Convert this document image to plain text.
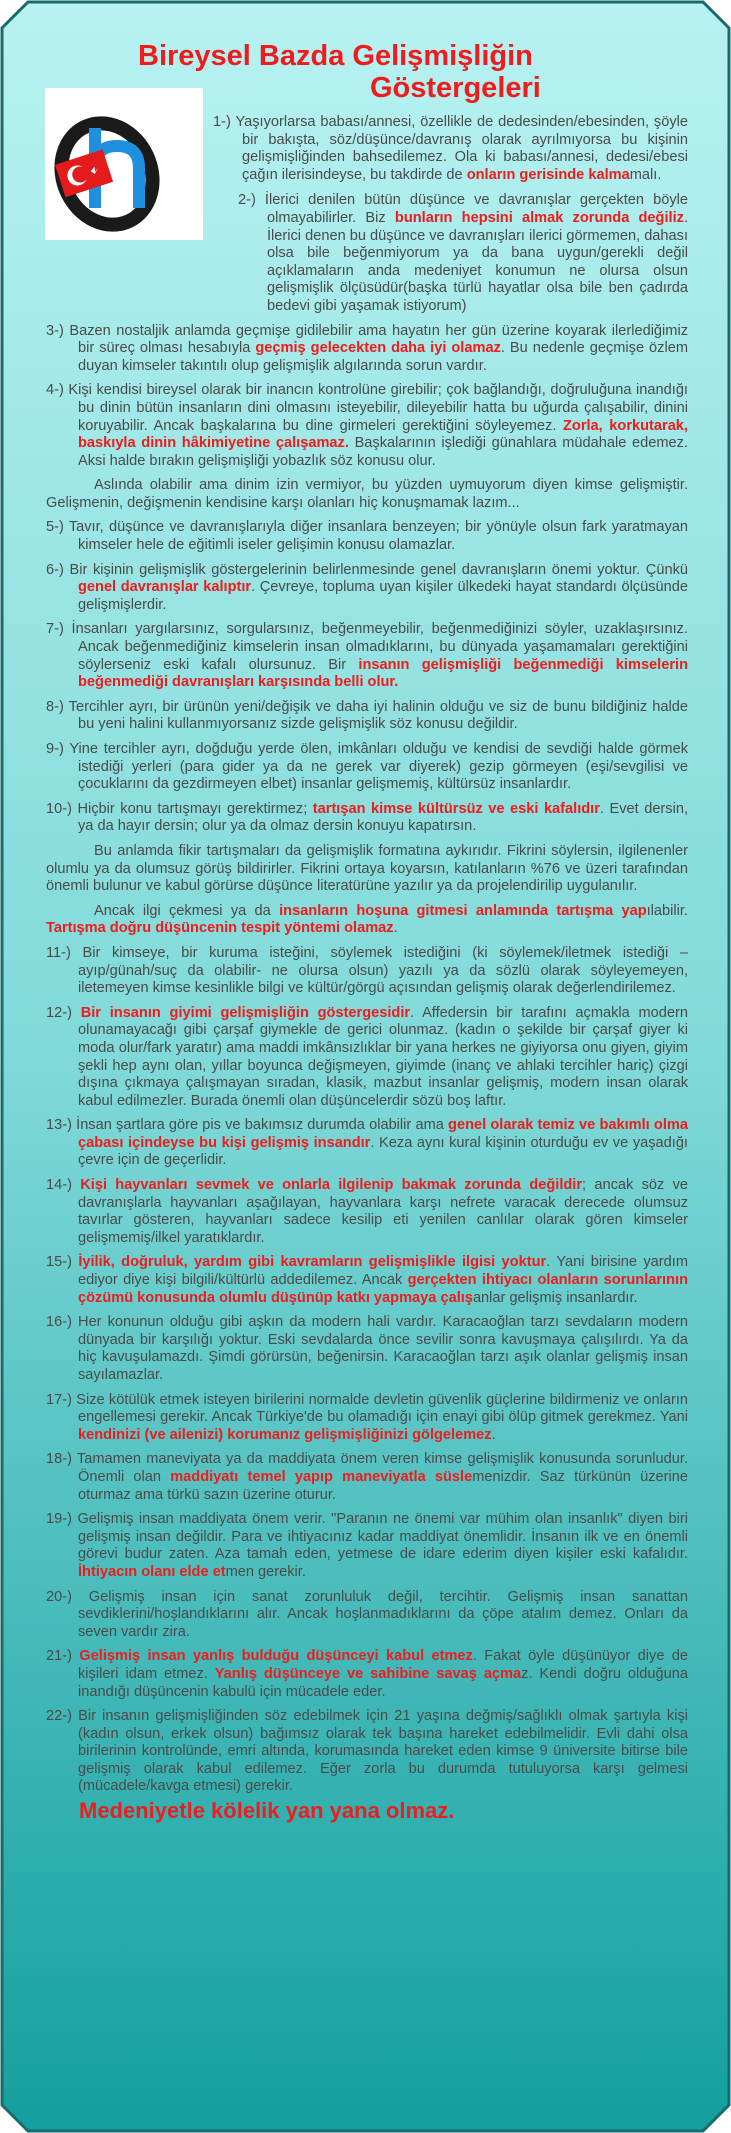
Bireysel Bazda Gelişmişliğin
Göstergeleri

1-) Yaşıyorlarsa babası/annesi, özellikle de dedesinden/ebesinden, şöyle bir bakışta, söz/düşünce/davranış olarak ayrılmıyorsa bu kişinin gelişmişliğinden bahsedilemez. Ola ki babası/annesi, dedesi/ebesi çağın ilerisindeyse, bu takdirde de onların gerisinde kalmamalı.

2-) İlerici denilen bütün düşünce ve davranışlar gerçekten böyle olmayabilirler. Biz bunların hepsini almak zorunda değiliz. İlerici denen bu düşünce ve davranışları ilerici görmemen, dahası olsa bile beğenmiyorum ya da bana uygun/gerekli değil açıklamaların anda medeniyet konumun ne olursa olsun gelişmişlik ölçüsüdür(başka türlü hayatlar olsa bile ben çadırda bedevi gibi yaşamak istiyorum)

3-) Bazen nostaljik anlamda geçmişe gidilebilir ama hayatın her gün üzerine koyarak ilerlediğimiz bir süreç olması hesabıyla geçmiş gelecekten daha iyi olamaz. Bu nedenle geçmişe özlem duyan kimseler takıntılı olup gelişmişlik algılarında sorun vardır.

4-) Kişi kendisi bireysel olarak bir inancın kontrolüne girebilir; çok bağlandığı, doğruluğuna inandığı bu dinin bütün insanların dini olmasını isteyebilir, dileyebilir hatta bu uğurda çalışabilir, dinini koruyabilir. Ancak başkalarına bu dine girmeleri gerektiğini söyleyemez. Zorla, korkutarak, baskıyla dinin hâkimiyetine çalışamaz. Başkalarının işlediği günahlara müdahale edemez. Aksi halde bırakın gelişmişliği yobazlık söz konusu olur.

Aslında olabilir ama dinim izin vermiyor, bu yüzden uymuyorum diyen kimse gelişmiştir. Gelişmenin, değişmenin kendisine karşı olanları hiç konuşmamak lazım...

5-) Tavır, düşünce ve davranışlarıyla diğer insanlara benzeyen; bir yönüyle olsun fark yaratmayan kimseler hele de eğitimli iseler gelişimin konusu olamazlar.

6-) Bir kişinin gelişmişlik göstergelerinin belirlenmesinde genel davranışların önemi yoktur. Çünkü genel davranışlar kalıptır. Çevreye, topluma uyan kişiler ülkedeki hayat standardı ölçüsünde gelişmişlerdir.

7-) İnsanları yargılarsınız, sorgularsınız, beğenmeyebilir, beğenmediğinizi söyler, uzaklaşırsınız. Ancak beğenmediğiniz kimselerin insan olmadıklarını, bu dünyada yaşamamaları gerektiğini söylerseniz eski kafalı olursunuz. Bir insanın gelişmişliği beğenmediği kimselerin beğenmediği davranışları karşısında belli olur.

8-) Tercihler ayrı, bir ürünün yeni/değişik ve daha iyi halinin olduğu ve siz de bunu bildiğiniz halde bu yeni halini kullanmıyorsanız sizde gelişmişlik söz konusu değildir.

9-) Yine tercihler ayrı, doğduğu yerde ölen, imkânları olduğu ve kendisi de sevdiği halde görmek istediği yerleri (para gider ya da ne gerek var diyerek) gezip görmeyen (eşi/sevgilisi ve çocuklarını da gezdirmeyen elbet) insanlar gelişmemiş, kültürsüz insanlardır.

10-) Hiçbir konu tartışmayı gerektirmez; tartışan kimse kültürsüz ve eski kafalıdır. Evet dersin, ya da hayır dersin; olur ya da olmaz dersin konuyu kapatırsın.

Bu anlamda fikir tartışmaları da gelişmişlik formatına aykırıdır. Fikrini söylersin, ilgilenenler olumlu ya da olumsuz görüş bildirirler. Fikrini ortaya koyarsın, katılanların %76 ve üzeri tarafından önemli bulunur ve kabul görürse düşünce literatürüne yazılır ya da projelendirilip uygulanılır.

Ancak ilgi çekmesi ya da insanların hoşuna gitmesi anlamında tartışma yapılabilir. Tartışma doğru düşüncenin tespit yöntemi olamaz.

11-) Bir kimseye, bir kuruma isteğini, söylemek istediğini (ki söylemek/iletmek istediği – ayıp/günah/suç da olabilir- ne olursa olsun) yazılı ya da sözlü olarak söyleyemeyen, iletemeyen kimse kesinlikle bilgi ve kültür/görgü açısından gelişmiş olarak değerlendirilemez.

12-) Bir insanın giyimi gelişmişliğin göstergesidir. Affedersin bir tarafını açmakla modern olunamayacağı gibi çarşaf giymekle de gerici olunmaz. (kadın o şekilde bir çarşaf giyer ki moda olur/fark yaratır) ama maddi imkânsızlıklar bir yana herkes ne giyiyorsa onu giyen, giyim şekli hep aynı olan, yıllar boyunca değişmeyen, giyimde (inanç ve ahlaki tercihler hariç) çizgi dışına çıkmaya çalışmayan sıradan, klasik, mazbut insanlar gelişmiş, modern insan olarak kabul edilmezler. Burada önemli olan düşüncelerdir sözü boş laftır.

13-) İnsan şartlara göre pis ve bakımsız durumda olabilir ama genel olarak temiz ve bakımlı olma çabası içindeyse bu kişi gelişmiş insandır. Keza aynı kural kişinin oturduğu ev ve yaşadığı çevre için de geçerlidir.

14-) Kişi hayvanları sevmek ve onlarla ilgilenip bakmak zorunda değildir; ancak söz ve davranışlarla hayvanları aşağılayan, hayvanlara karşı nefrete varacak derecede olumsuz tavırlar gösteren, hayvanları sadece kesilip eti yenilen canlılar olarak gören kimseler gelişmemiş/ilkel yaratıklardır.

15-) İyilik, doğruluk, yardım gibi kavramların gelişmişlikle ilgisi yoktur. Yani birisine yardım ediyor diye kişi bilgili/kültürlü addedilemez. Ancak gerçekten ihtiyacı olanların sorunlarının çözümü konusunda olumlu düşünüp katkı yapmaya çalışanlar gelişmiş insanlardır.

16-) Her konunun olduğu gibi aşkın da modern hali vardır. Karacaoğlan tarzı sevdaların modern dünyada bir karşılığı yoktur. Eski sevdalarda önce sevilir sonra kavuşmaya çalışılırdı. Ya da hiç kavuşulamazdı. Şimdi görürsün, beğenirsin. Karacaoğlan tarzı aşık olanlar gelişmiş insan sayılamazlar.

17-) Size kötülük etmek isteyen birilerini normalde devletin güvenlik güçlerine bildirmeniz ve onların engellemesi gerekir. Ancak Türkiye'de bu olamadığı için enayi gibi ölüp gitmek gerekmez. Yani kendinizi (ve ailenizi) korumanız gelişmişliğinizi gölgelemez.

18-) Tamamen maneviyata ya da maddiyata önem veren kimse gelişmişlik konusunda sorunludur. Önemli olan maddiyatı temel yapıp maneviyatla süslemenizdir. Saz türkünün üzerine oturmaz ama türkü sazın üzerine oturur.

19-) Gelişmiş insan maddiyata önem verir. "Paranın ne önemi var mühim olan insanlık" diyen biri gelişmiş insan değildir. Para ve ihtiyacınız kadar maddiyat önemlidir. İnsanın ilk ve en önemli görevi budur zaten. Aza tamah eden, yetmese de idare ederim diyen kişiler eski kafalıdır. İhtiyacın olanı elde etmen gerekir.

20-) Gelişmiş insan için sanat zorunluluk değil, tercihtir. Gelişmiş insan sanattan sevdiklerini/hoşlandıklarını alır. Ancak hoşlanmadıklarını da çöpe atalım demez. Onları da seven vardır zira.

21-) Gelişmiş insan yanlış bulduğu düşünceyi kabul etmez. Fakat öyle düşünüyor diye de kişileri idam etmez. Yanlış düşünceye ve sahibine savaş açmaz. Kendi doğru olduğuna inandığı düşüncenin kabulü için mücadele eder.

22-) Bir insanın gelişmişliğinden söz edebilmek için 21 yaşına değmiş/sağlıklı olmak şartıyla kişi (kadın olsun, erkek olsun) bağımsız olarak tek başına hareket edebilmelidir. Evli dahi olsa birilerinin kontrolünde, emri altında, korumasında hareket eden kimse 9 üniversite bitirse bile gelişmiş olarak kabul edilemez. Eğer zorla bu durumda tutuluyorsa karşı gelmesi (mücadele/kavga etmesi) gerekir.

Medeniyetle kölelik yan yana olmaz.
